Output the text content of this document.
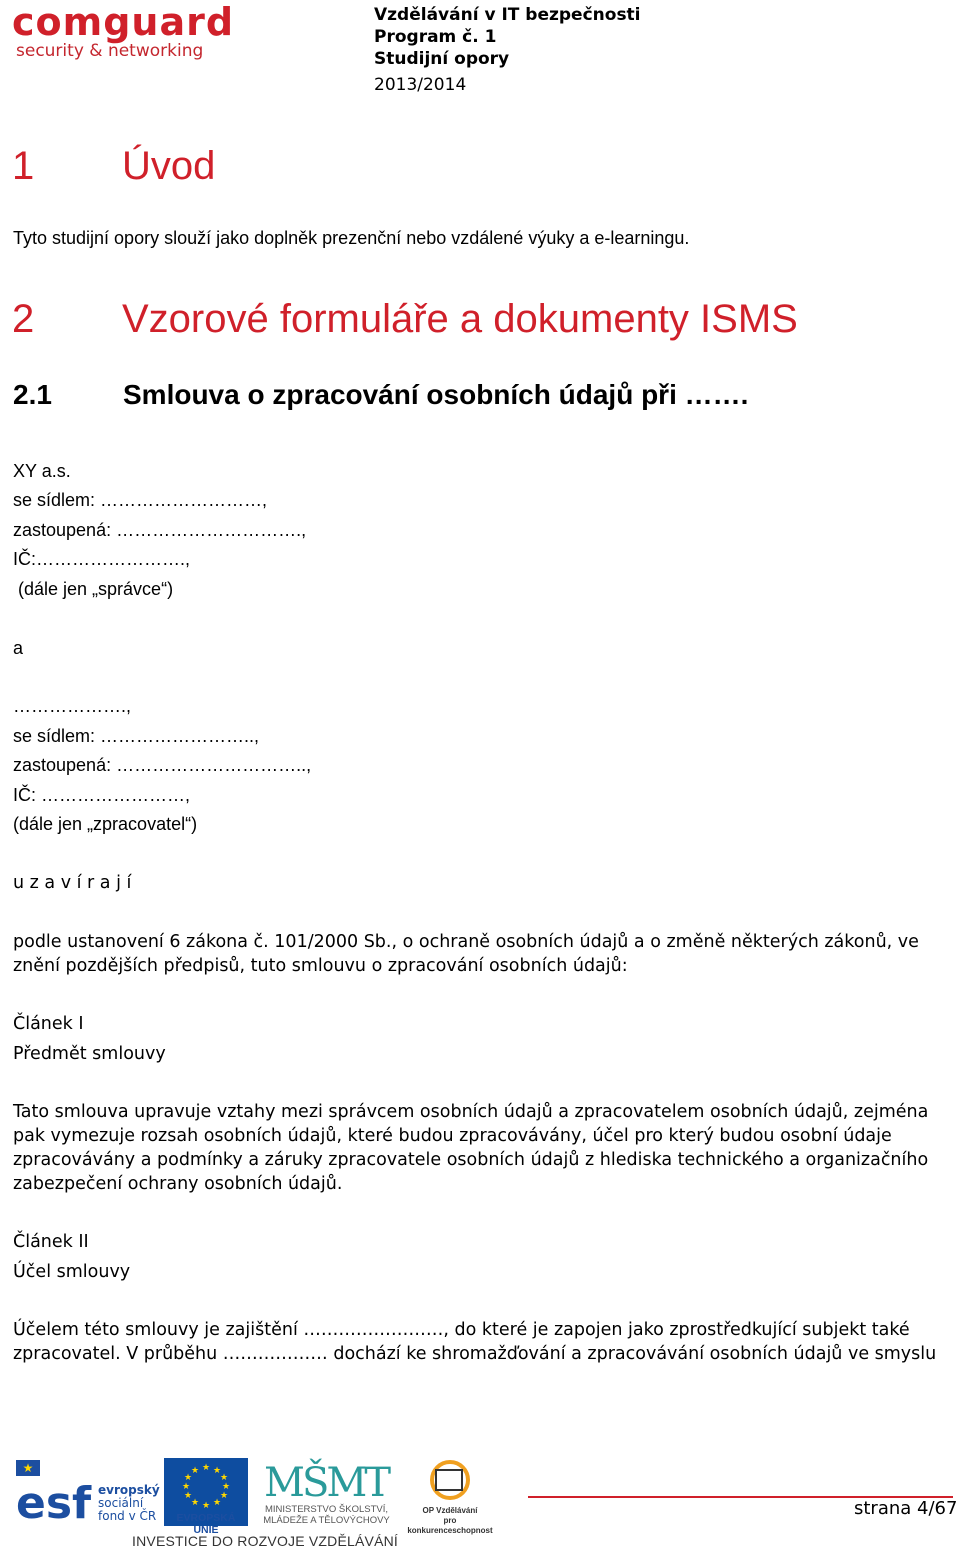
comguard
security & networking
Vzdělávání v IT bezpečnosti
Program č. 1
Studijní opory
2013/2014
1 Úvod
Tyto studijní opory slouží jako doplněk prezenční nebo vzdálené výuky a e-learningu.
2 Vzorové formuláře a dokumenty ISMS
2.1	Smlouva o zpracování osobních údajů při …….
XY a.s.
se sídlem: ………………………,
zastoupená: ………………………….,
IČ:…………………….,
(dále jen „správce“)
a
……………….,
se sídlem: ……………………..,
zastoupená: …………………………..,
IČ: ……………………,
(dále jen „zpracovatel“)
u z a v í r a j í
podle ustanovení 6 zákona č. 101/2000 Sb., o ochraně osobních údajů a o změně některých zákonů, ve znění pozdějších předpisů, tuto smlouvu o zpracování osobních údajů:
Článek I
Předmět smlouvy
Tato smlouva upravuje vztahy mezi správcem osobních údajů a zpracovatelem osobních údajů, zejména pak vymezuje rozsah osobních údajů, které budou zpracovávány, účel pro který budou osobní údaje zpracovávány a podmínky a záruky zpracovatele osobních údajů z hlediska technického a organizačního zabezpečení ochrany osobních údajů.
Článek II
Účel smlouvy
Účelem této smlouvy je zajištění ……………………, do které je zapojen jako zprostředkující subjekt také zpracovatel. V průběhu ……………… dochází ke shromažďování a zpracovávání osobních údajů ve smyslu
★
esf evropský
sociální
fond v ČR
★ ★
★
★
★
★
★
★
★
★
★
★
EVROPSKÁ UNIE
MŠMT
MINISTERSTVO ŠKOLSTVÍ,
MLÁDEŽE A TĚLOVÝCHOVY
OP Vzdělávání
pro konkurenceschopnost
INVESTICE DO ROZVOJE VZDĚLÁVÁNÍ
strana 4/67
